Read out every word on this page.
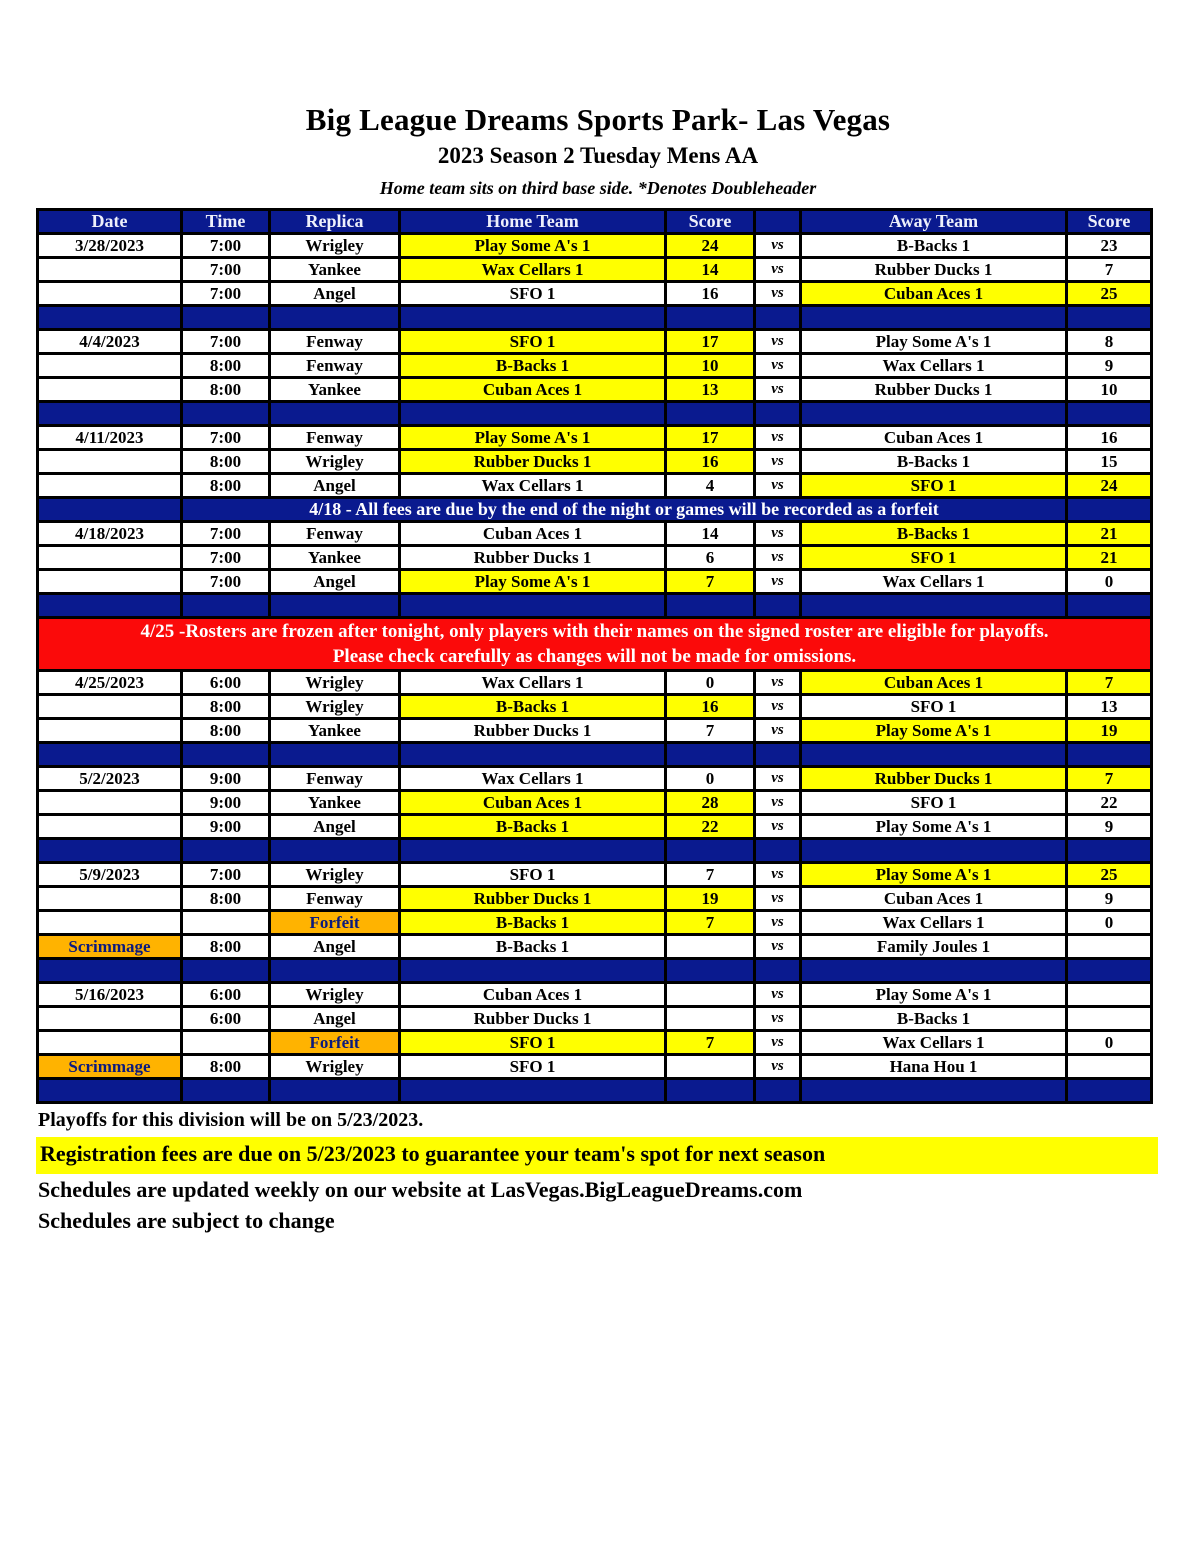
Big League Dreams Sports Park- Las Vegas
2023 Season 2 Tuesday Mens AA
Home team sits on third base side. *Denotes Doubleheader
Date	Time	Replica	Home Team	Score		Away Team	Score
3/28/2023	7:00	Wrigley	Play Some A's 1	24	vs	B-Backs 1	23
	7:00	Yankee	Wax Cellars 1	14	vs	Rubber Ducks 1	7
	7:00	Angel	SFO 1	16	vs	Cuban Aces 1	25

4/4/2023	7:00	Fenway	SFO 1	17	vs	Play Some A's 1	8
	8:00	Fenway	B-Backs 1	10	vs	Wax Cellars 1	9
	8:00	Yankee	Cuban Aces 1	13	vs	Rubber Ducks 1	10

4/11/2023	7:00	Fenway	Play Some A's 1	17	vs	Cuban Aces 1	16
	8:00	Wrigley	Rubber Ducks 1	16	vs	B-Backs 1	15
	8:00	Angel	Wax Cellars 1	4	vs	SFO 1	24
	4/18 - All fees are due by the end of the night or games will be recorded as a forfeit						
4/18/2023	7:00	Fenway	Cuban Aces 1	14	vs	B-Backs 1	21
	7:00	Yankee	Rubber Ducks 1	6	vs	SFO 1	21
	7:00	Angel	Play Some A's 1	7	vs	Wax Cellars 1	0

4/25 -Rosters are frozen after tonight, only players with their names on the signed roster are eligible for playoffs.
Please check carefully as changes will not be made for omissions.							

4/25/2023	6:00	Wrigley	Wax Cellars 1	0	vs	Cuban Aces 1	7
	8:00	Wrigley	B-Backs 1	16	vs	SFO 1	13
	8:00	Yankee	Rubber Ducks 1	7	vs	Play Some A's 1	19

5/2/2023	9:00	Fenway	Wax Cellars 1	0	vs	Rubber Ducks 1	7
	9:00	Yankee	Cuban Aces 1	28	vs	SFO 1	22
	9:00	Angel	B-Backs 1	22	vs	Play Some A's 1	9

5/9/2023	7:00	Wrigley	SFO 1	7	vs	Play Some A's 1	25
	8:00	Fenway	Rubber Ducks 1	19	vs	Cuban Aces 1	9
		Forfeit	B-Backs 1	7	vs	Wax Cellars 1	0
Scrimmage	8:00	Angel	B-Backs 1		vs	Family Joules 1	

5/16/2023	6:00	Wrigley	Cuban Aces 1		vs	Play Some A's 1	
	6:00	Angel	Rubber Ducks 1		vs	B-Backs 1	
		Forfeit	SFO 1	7	vs	Wax Cellars 1	0
Scrimmage	8:00	Wrigley	SFO 1		vs	Hana Hou 1	

Playoffs for this division will be on 5/23/2023.
Registration fees are due on 5/23/2023 to guarantee your team's spot for next season
Schedules are updated weekly on our website at LasVegas.BigLeagueDreams.com
Schedules are subject to change
